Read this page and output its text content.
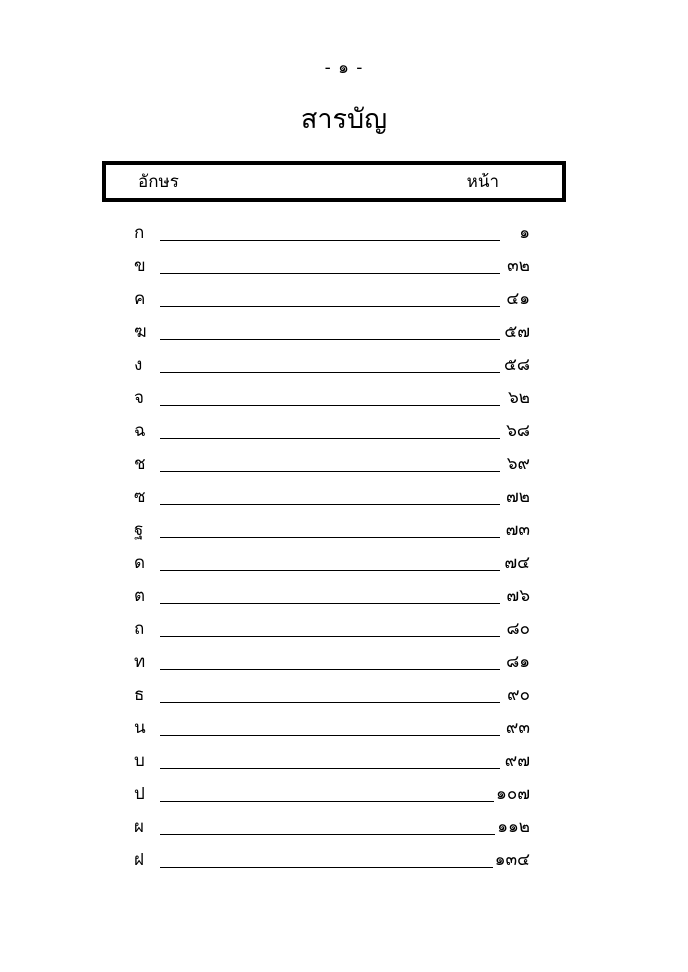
- ๑ -
สารบัญ
อักษร	หน้า
ก	๑
ข	๓๒
ค	๔๑
ฆ	๕๗
ง	๕๘
จ	๖๒
ฉ	๖๘
ช	๖๙
ซ	๗๒
ฐ	๗๓
ด	๗๔
ต	๗๖
ถ	๘๐
ท	๘๑
ธ	๙๐
น	๙๓
บ	๙๗
ป	๑๐๗
ผ	๑๑๒
ฝ	๑๓๔
